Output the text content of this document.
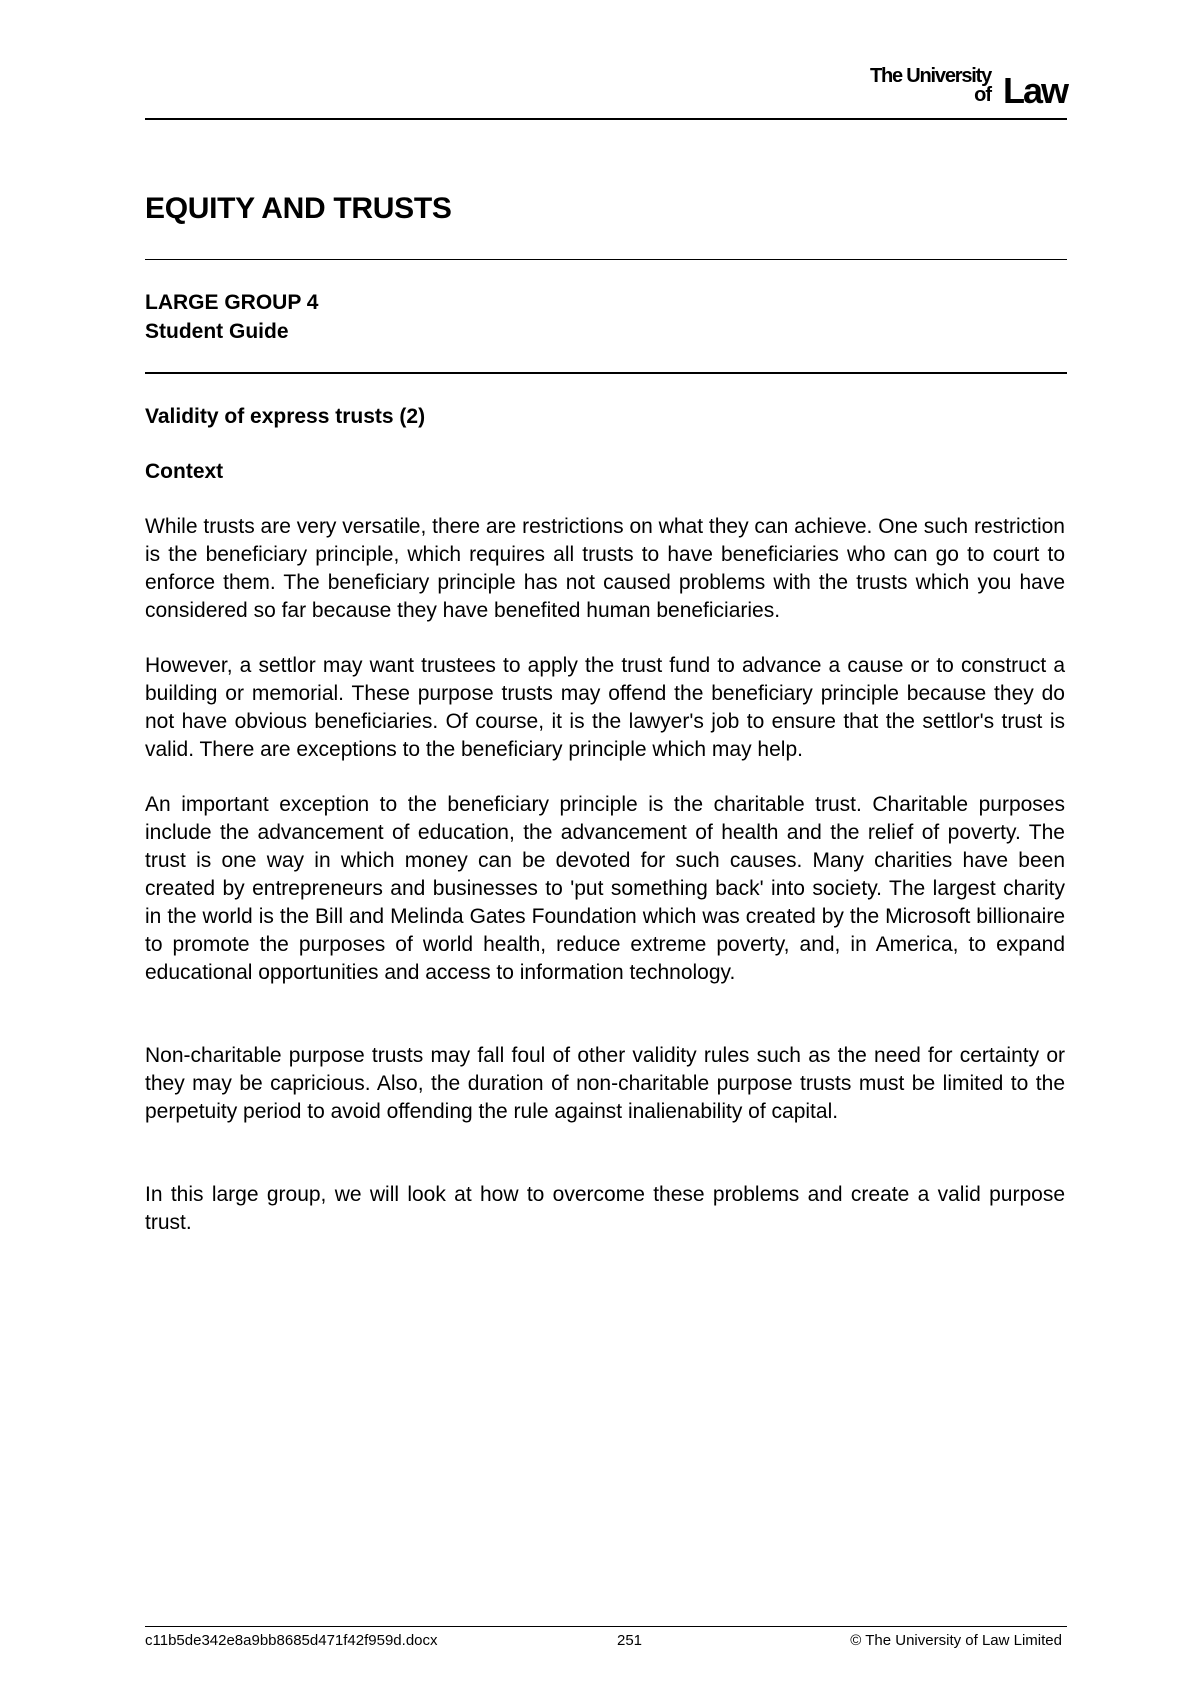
The University
of Law
EQUITY AND TRUSTS
LARGE GROUP 4
Student Guide

Validity of express trusts (2)

Context

While trusts are very versatile, there are restrictions on what they can achieve. One such restriction is the beneficiary principle, which requires all trusts to have beneficiaries who can go to court to enforce them. The beneficiary principle has not caused problems with the trusts which you have considered so far because they have benefited human beneficiaries.

However, a settlor may want trustees to apply the trust fund to advance a cause or to construct a building or memorial. These purpose trusts may offend the beneficiary principle because they do not have obvious beneficiaries. Of course, it is the lawyer's job to ensure that the settlor's trust is valid. There are exceptions to the beneficiary principle which may help.

An important exception to the beneficiary principle is the charitable trust. Charitable purposes include the advancement of education, the advancement of health and the relief of poverty. The trust is one way in which money can be devoted for such causes. Many charities have been created by entrepreneurs and businesses to 'put something back' into society. The largest charity in the world is the Bill and Melinda Gates Foundation which was created by the Microsoft billionaire to promote the purposes of world health, reduce extreme poverty, and, in America, to expand educational opportunities and access to information technology.

Non-charitable purpose trusts may fall foul of other validity rules such as the need for certainty or they may be capricious. Also, the duration of non-charitable purpose trusts must be limited to the perpetuity period to avoid offending the rule against inalienability of capital.

In this large group, we will look at how to overcome these problems and create a valid purpose trust.

c11b5de342e8a9bb8685d471f42f959d.docx	251	© The University of Law Limited
